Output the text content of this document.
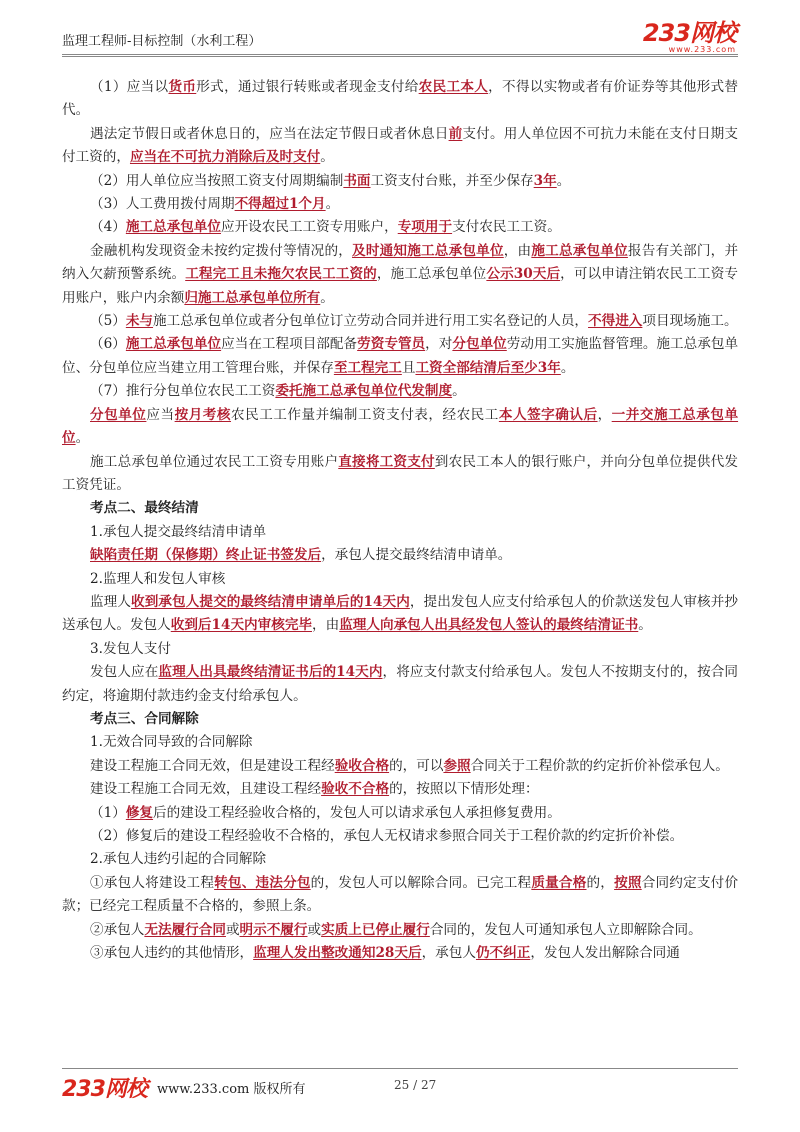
监理工程师-目标控制（水利工程）	233网校
www.233.com

（1）应当以货币形式，通过银行转账或者现金支付给农民工本人，不得以实物或者有价证券等其他形式替代。

遇法定节假日或者休息日的，应当在法定节假日或者休息日前支付。用人单位因不可抗力未能在支付日期支付工资的，应当在不可抗力消除后及时支付。

（2）用人单位应当按照工资支付周期编制书面工资支付台账，并至少保存3年。

（3）人工费用拨付周期不得超过1个月。

（4）施工总承包单位应开设农民工工资专用账户，专项用于支付农民工工资。

金融机构发现资金未按约定拨付等情况的，及时通知施工总承包单位，由施工总承包单位报告有关部门，并纳入欠薪预警系统。工程完工且未拖欠农民工工资的，施工总承包单位公示30天后，可以申请注销农民工工资专用账户，账户内余额归施工总承包单位所有。

（5）未与施工总承包单位或者分包单位订立劳动合同并进行用工实名登记的人员，不得进入项目现场施工。

（6）施工总承包单位应当在工程项目部配备劳资专管员，对分包单位劳动用工实施监督管理。施工总承包单位、分包单位应当建立用工管理台账，并保存至工程完工且工资全部结清后至少3年。

（7）推行分包单位农民工工资委托施工总承包单位代发制度。

分包单位应当按月考核农民工工作量并编制工资支付表，经农民工本人签字确认后，一并交施工总承包单位。

施工总承包单位通过农民工工资专用账户直接将工资支付到农民工本人的银行账户，并向分包单位提供代发工资凭证。

考点二、最终结清

1.承包人提交最终结清申请单

缺陷责任期（保修期）终止证书签发后，承包人提交最终结清申请单。

2.监理人和发包人审核

监理人收到承包人提交的最终结清申请单后的14天内，提出发包人应支付给承包人的价款送发包人审核并抄送承包人。发包人收到后14天内审核完毕，由监理人向承包人出具经发包人签认的最终结清证书。

3.发包人支付

发包人应在监理人出具最终结清证书后的14天内，将应支付款支付给承包人。发包人不按期支付的，按合同约定，将逾期付款违约金支付给承包人。

考点三、合同解除

1.无效合同导致的合同解除

建设工程施工合同无效，但是建设工程经验收合格的，可以参照合同关于工程价款的约定折价补偿承包人。

建设工程施工合同无效，且建设工程经验收不合格的，按照以下情形处理：

（1）修复后的建设工程经验收合格的，发包人可以请求承包人承担修复费用。

（2）修复后的建设工程经验收不合格的，承包人无权请求参照合同关于工程价款的约定折价补偿。

2.承包人违约引起的合同解除

①承包人将建设工程转包、违法分包的，发包人可以解除合同。已完工程质量合格的，按照合同约定支付价款；已经完工程质量不合格的，参照上条。

②承包人无法履行合同或明示不履行或实质上已停止履行合同的，发包人可通知承包人立即解除合同。

③承包人违约的其他情形，监理人发出整改通知28天后，承包人仍不纠正，发包人发出解除合同通

233网校 www.233.com 版权所有	25 / 27
